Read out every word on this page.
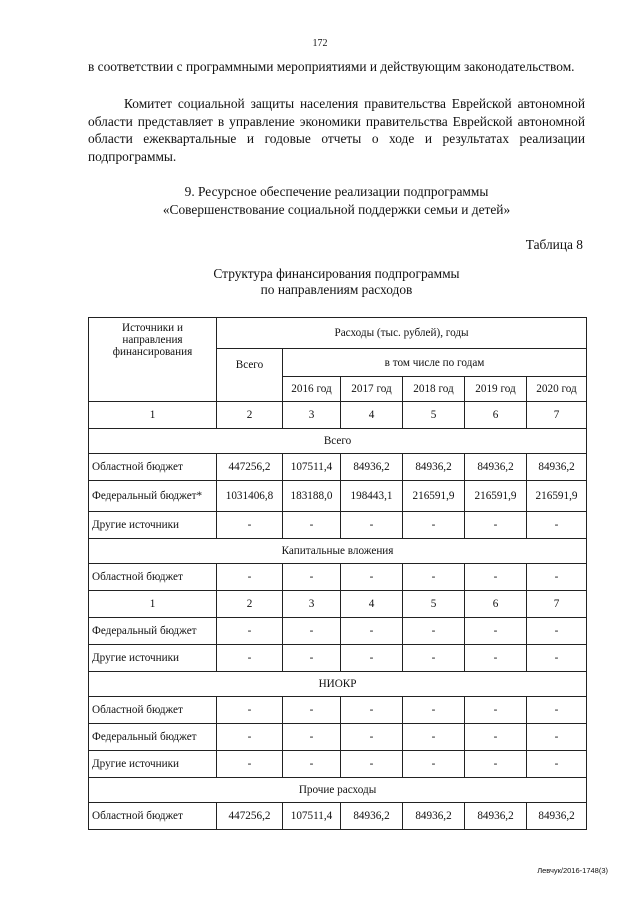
172

в соответствии с программными мероприятиями и действующим законодательством.

Комитет социальной защиты населения правительства Еврейской автономной области представляет в управление экономики правительства Еврейской автономной области ежеквартальные и годовые отчеты о ходе и результатах реализации подпрограммы.

9. Ресурсное обеспечение реализации подпрограммы
«Совершенствование социальной поддержки семьи и детей»
Таблица 8
Структура финансирования подпрограммы
по направлениям расходов
Источники и направления финансирования	Расходы (тыс. рублей), годы					
	Всего	в том числе по годам				
		2016 год	2017 год	2018 год	2019 год	2020 год
1	2	3	4	5	6	7
Всего						
Областной бюджет	447256,2	107511,4	84936,2	84936,2	84936,2	84936,2
Федеральный бюджет*	1031406,8	183188,0	198443,1	216591,9	216591,9	216591,9
Другие источники	-	-	-	-	-	-
Капитальные вложения						
Областной бюджет	-	-	-	-	-	-
1	2	3	4	5	6	7
Федеральный бюджет	-	-	-	-	-	-
Другие источники	-	-	-	-	-	-
НИОКР						
Областной бюджет	-	-	-	-	-	-
Федеральный бюджет	-	-	-	-	-	-
Другие источники	-	-	-	-	-	-
Прочие расходы						
Областной бюджет	447256,2	107511,4	84936,2	84936,2	84936,2	84936,2
Левчук/2016-1748(3)
